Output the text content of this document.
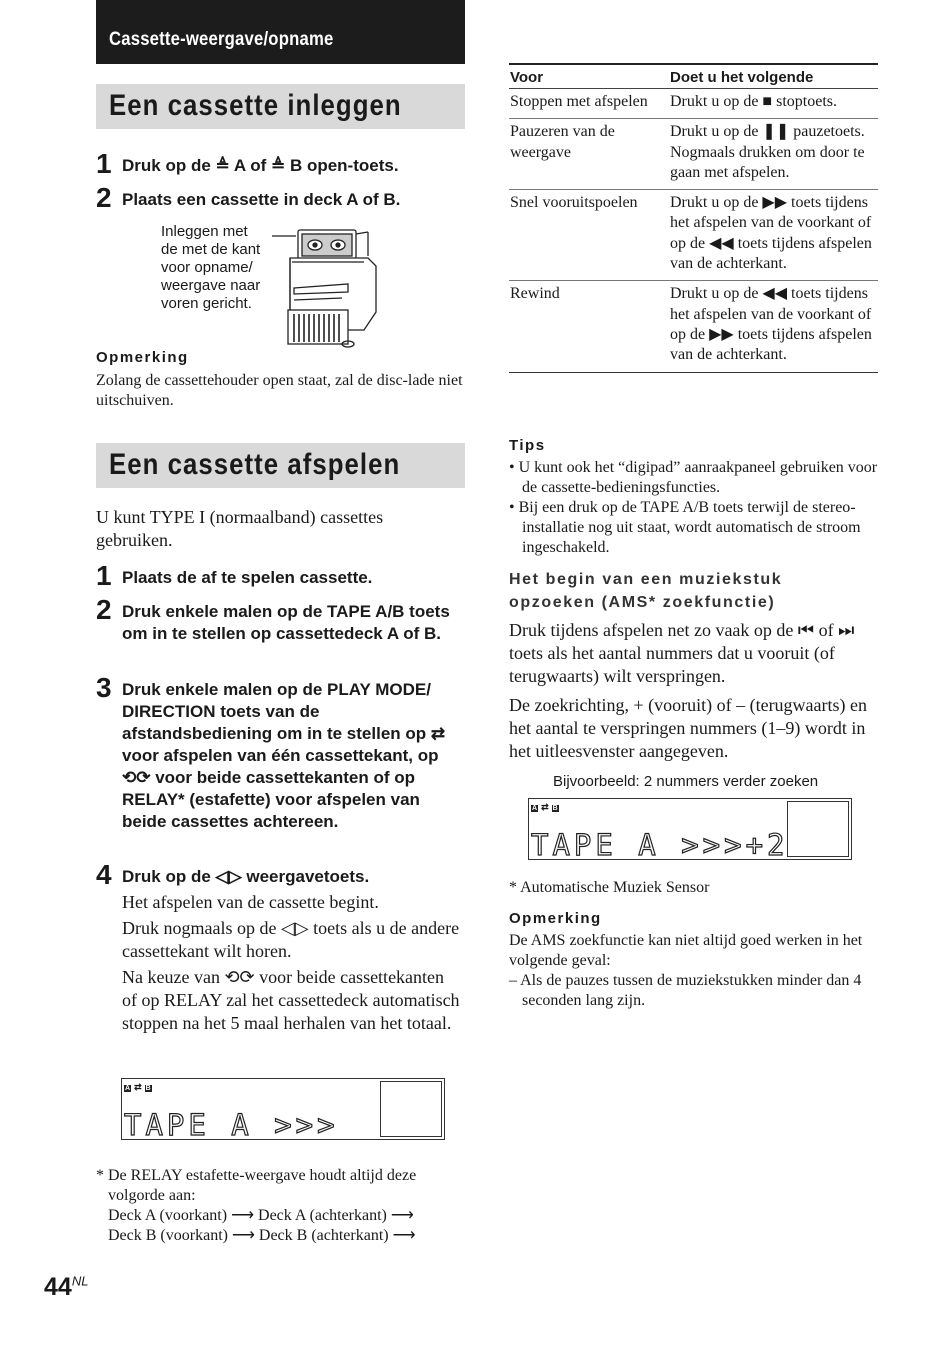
Cassette-weergave/opname
Een cassette inleggen
1 Druk op de ≜ A of ≜ B open-toets.
2 Plaats een cassette in deck A of B.
Inleggen met
de met de kant
voor opname/
weergave naar
voren gericht.
Opmerking
Zolang de cassettehouder open staat, zal de disc-lade niet uitschuiven.
Een cassette afspelen
U kunt TYPE I (normaalband) cassettes gebruiken.
1 Plaats de af te spelen cassette.
2 Druk enkele malen op de TAPE A/B toets om in te stellen op cassettedeck A of B.
3 Druk enkele malen op de PLAY MODE/ DIRECTION toets van de afstandsbediening om in te stellen op ⇄ voor afspelen van één cassettekant, op ⟲⟳ voor beide cassettekanten of op RELAY* (estafette) voor afspelen van beide cassettes achtereen.
4 Druk op de ◁▷ weergavetoets.

Het afspelen van de cassette begint.

Druk nogmaals op de ◁▷ toets als u de andere cassettekant wilt horen.

Na keuze van ⟲⟳ voor beide cassettekanten of op RELAY zal het cassettedeck automatisch stoppen na het 5 maal herhalen van het totaal.

A ⇄ B
TAPE A >>>
* De RELAY estafette-weergave houdt altijd deze
volgorde aan:
Deck A (voorkant) ⟶ Deck A (achterkant) ⟶
Deck B (voorkant) ⟶ Deck B (achterkant) ⟶
$44^{NL}$
Voor	Doet u het volgende
Stoppen met afspelen	Drukt u op de ■ stoptoets.
Pauzeren van de weergave	Drukt u op de ❚❚ pauzetoets. Nogmaals drukken om door te gaan met afspelen.
Snel vooruitspoelen	Drukt u op de ▶▶ toets tijdens het afspelen van de voorkant of op de ◀◀ toets tijdens afspelen van de achterkant.
Rewind	Drukt u op de ◀◀ toets tijdens het afspelen van de voorkant of op de ▶▶ toets tijdens afspelen van de achterkant.
Tips
• U kunt ook het “digipad” aanraakpaneel gebruiken voor de cassette-bedieningsfuncties.
• Bij een druk op de TAPE A/B toets terwijl de stereo-installatie nog uit staat, wordt automatisch de stroom ingeschakeld.
Het begin van een muziekstuk
opzoeken (AMS* zoekfunctie)
Druk tijdens afspelen net zo vaak op de ⏮ of ⏭ toets als het aantal nummers dat u vooruit (of terugwaarts) wilt verspringen.
De zoekrichting, + (vooruit) of – (terugwaarts) en het aantal te verspringen nummers (1–9) wordt in het uitleesvenster aangegeven.
Bijvoorbeeld: 2 nummers verder zoeken
A ⇄ B
TAPE A >>>+2
* Automatische Muziek Sensor
Opmerking
De AMS zoekfunctie kan niet altijd goed werken in het volgende geval:
– Als de pauzes tussen de muziekstukken minder dan 4 seconden lang zijn.
